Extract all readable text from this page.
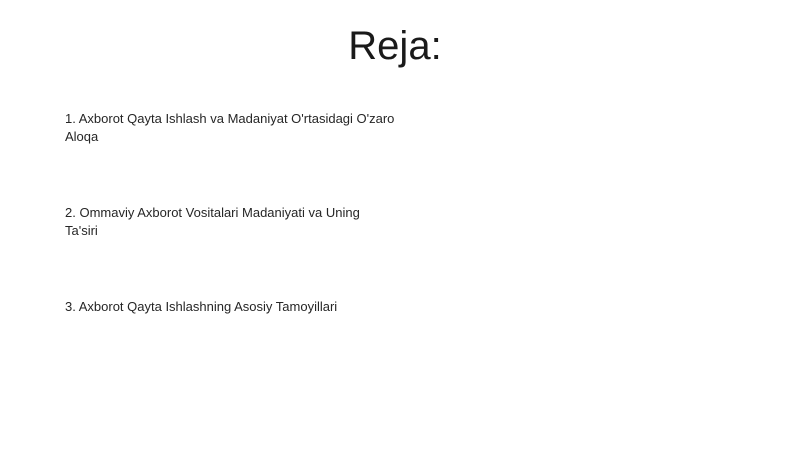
Reja:
1. Axborot Qayta Ishlash va Madaniyat O'rtasidagi O'zaro Aloqa
2. Ommaviy Axborot Vositalari Madaniyati va Uning Ta'siri
3. Axborot Qayta Ishlashning Asosiy Tamoyillari
